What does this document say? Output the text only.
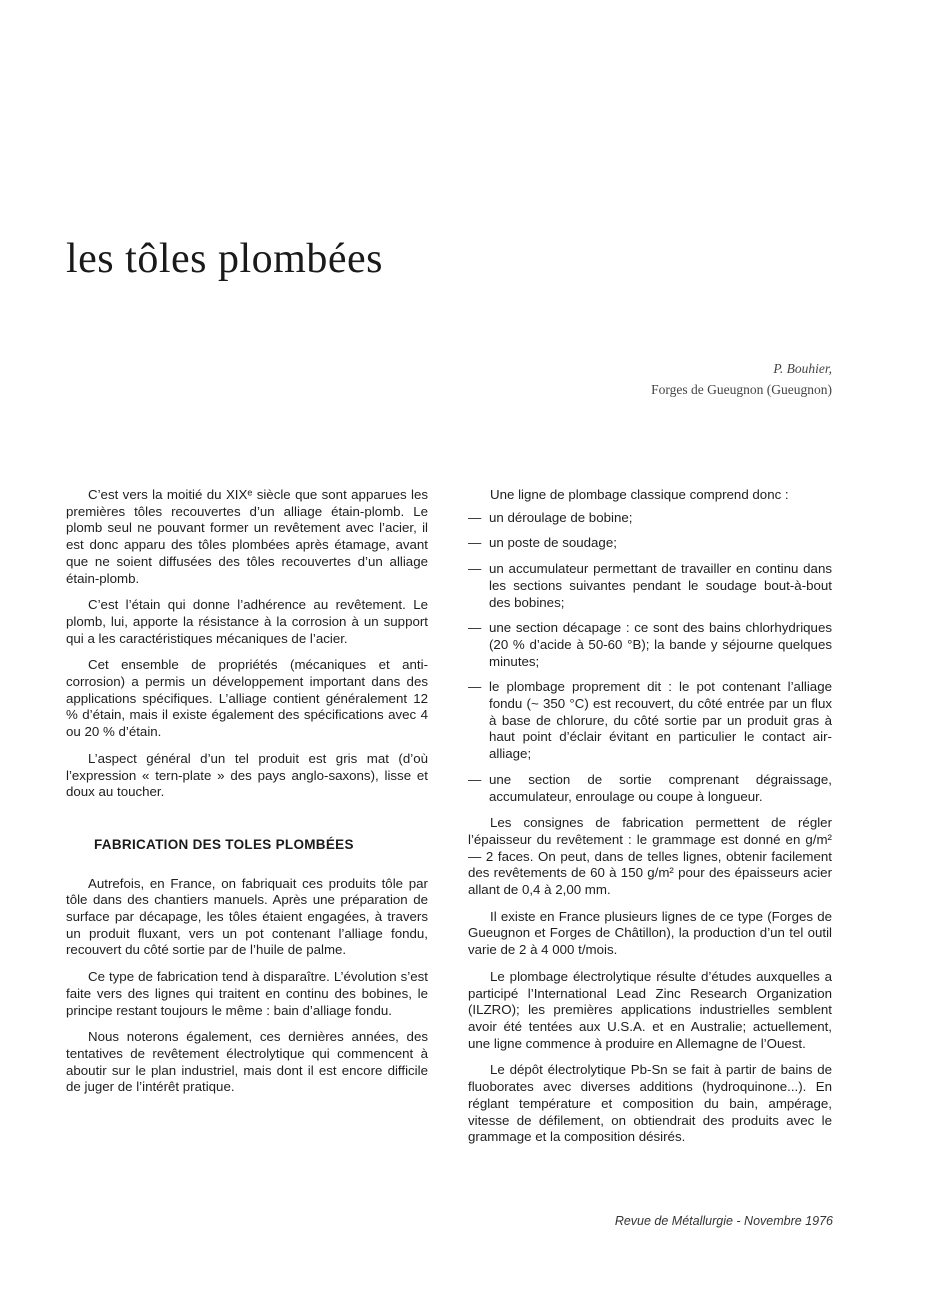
les tôles plombées
P. Bouhier,
Forges de Gueugnon (Gueugnon)

C’est vers la moitié du XIXᵉ siècle que sont apparues les premières tôles recouvertes d’un alliage étain-plomb. Le plomb seul ne pouvant former un revêtement avec l’acier, il est donc apparu des tôles plombées après étamage, avant que ne soient diffusées des tôles recouvertes d’un alliage étain-plomb.

C’est l’étain qui donne l’adhérence au revêtement. Le plomb, lui, apporte la résistance à la corrosion à un support qui a les caractéristiques mécaniques de l’acier.

Cet ensemble de propriétés (mécaniques et anticorrosion) a permis un développement important dans des applications spécifiques. L’alliage contient généralement 12 % d’étain, mais il existe également des spécifications avec 4 ou 20 % d’étain.

L’aspect général d’un tel produit est gris mat (d’où l’expression « tern-plate » des pays anglo-saxons), lisse et doux au toucher.

FABRICATION DES TOLES PLOMBÉES

Autrefois, en France, on fabriquait ces produits tôle par tôle dans des chantiers manuels. Après une préparation de surface par décapage, les tôles étaient engagées, à travers un produit fluxant, vers un pot contenant l’alliage fondu, recouvert du côté sortie par de l’huile de palme.

Ce type de fabrication tend à disparaître. L’évolution s’est faite vers des lignes qui traitent en continu des bobines, le principe restant toujours le même : bain d’alliage fondu.

Nous noterons également, ces dernières années, des tentatives de revêtement électrolytique qui commencent à aboutir sur le plan industriel, mais dont il est encore difficile de juger de l’intérêt pratique.

Une ligne de plombage classique comprend donc :

— un déroulage de bobine;
— un poste de soudage;
— un accumulateur permettant de travailler en continu dans les sections suivantes pendant le soudage bout-à-bout des bobines;
— une section décapage : ce sont des bains chlorhydriques (20 % d’acide à 50-60 °B); la bande y séjourne quelques minutes;
— le plombage proprement dit : le pot contenant l’alliage fondu (~ 350 °C) est recouvert, du côté entrée par un flux à base de chlorure, du côté sortie par un produit gras à haut point d’éclair évitant en particulier le contact air-alliage;
— une section de sortie comprenant dégraissage, accumulateur, enroulage ou coupe à longueur.

Les consignes de fabrication permettent de régler l’épaisseur du revêtement : le grammage est donné en g/m² — 2 faces. On peut, dans de telles lignes, obtenir facilement des revêtements de 60 à 150 g/m² pour des épaisseurs acier allant de 0,4 à 2,00 mm.

Il existe en France plusieurs lignes de ce type (Forges de Gueugnon et Forges de Châtillon), la production d’un tel outil varie de 2 à 4 000 t/mois.

Le plombage électrolytique résulte d’études auxquelles a participé l’International Lead Zinc Research Organization (ILZRO); les premières applications industrielles semblent avoir été tentées aux U.S.A. et en Australie; actuellement, une ligne commence à produire en Allemagne de l’Ouest.

Le dépôt électrolytique Pb-Sn se fait à partir de bains de fluoborates avec diverses additions (hydroquinone...). En réglant température et composition du bain, ampérage, vitesse de défilement, on obtiendrait des produits avec le grammage et la composition désirés.

Revue de Métallurgie - Novembre 1976
